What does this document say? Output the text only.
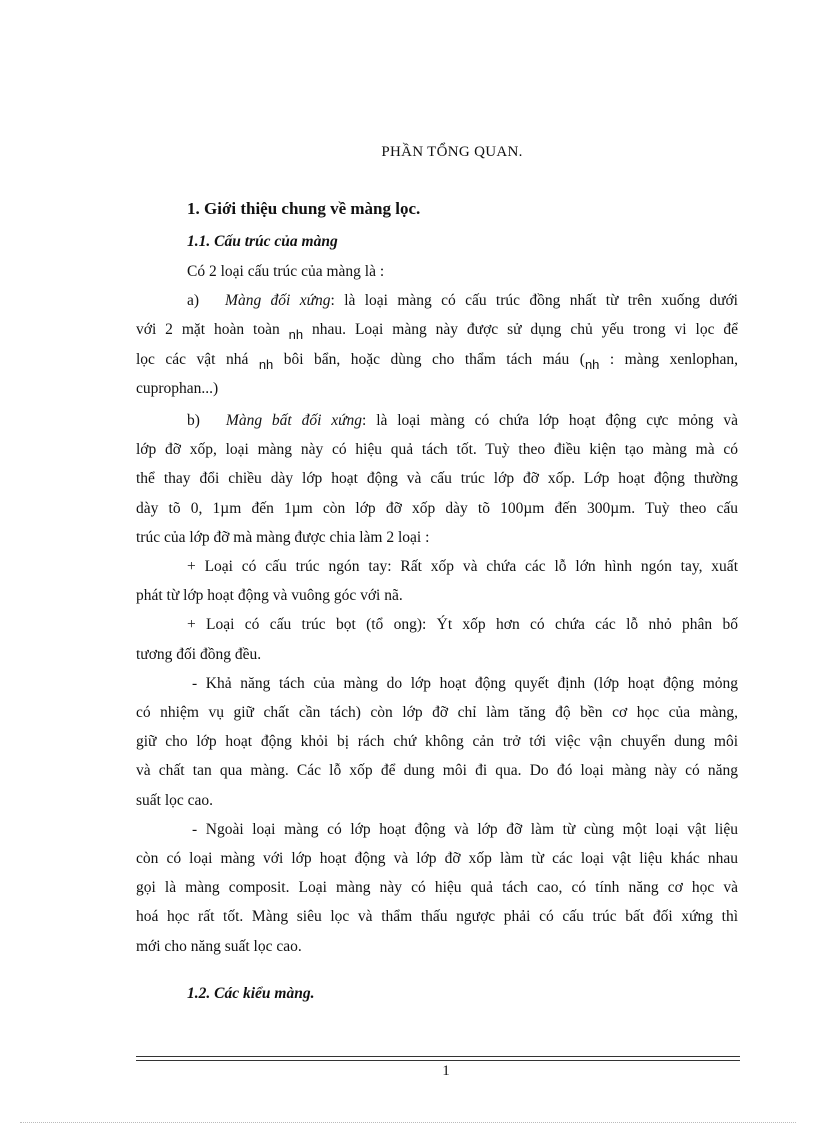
PHẦN TỔNG QUAN.
1. Giới thiệu chung về màng lọc.
1.1. Cấu trúc của màng
Có 2 loại cấu trúc của màng là :
a) Màng đối xứng: là loại màng có cấu trúc đồng nhất từ trên xuống dưới
với 2 mặt hoàn toàn $_{nh}$ nhau. Loại màng này được sử dụng chủ yếu trong vi lọc để
lọc các vật nhá $_{nh}$ bôi bẩn, hoặc dùng cho thẩm tách máu ($_{nh}$ : màng xenlophan,
cuprophan...)
b) Màng bất đối xứng: là loại màng có chứa lớp hoạt động cực mỏng và
lớp đỡ xốp, loại màng này có hiệu quả tách tốt. Tuỳ theo điều kiện tạo màng mà có
thể thay đổi chiều dày lớp hoạt động và cấu trúc lớp đỡ xốp. Lớp hoạt động thường
dày tõ 0, 1µm đến 1µm còn lớp đỡ xốp dày tõ 100µm đến 300µm. Tuỳ theo cấu
trúc của lớp đỡ mà màng được chia làm 2 loại :
+ Loại có cấu trúc ngón tay: Rất xốp và chứa các lỗ lớn hình ngón tay, xuất
phát từ lớp hoạt động và vuông góc với nã.
+ Loại có cấu trúc bọt (tổ ong): Ýt xốp hơn có chứa các lỗ nhỏ phân bố
tương đối đồng đều.
- Khả năng tách của màng do lớp hoạt động quyết định (lớp hoạt động mỏng
có nhiệm vụ giữ chất cần tách) còn lớp đỡ chỉ làm tăng độ bền cơ học của màng,
giữ cho lớp hoạt động khỏi bị rách chứ không cản trở tới việc vận chuyển dung môi
và chất tan qua màng. Các lỗ xốp để dung môi đi qua. Do đó loại màng này có năng
suất lọc cao.
- Ngoài loại màng có lớp hoạt động và lớp đỡ làm từ cùng một loại vật liệu
còn có loại màng với lớp hoạt động và lớp đỡ xốp làm từ các loại vật liệu khác nhau
gọi là màng composit. Loại màng này có hiệu quả tách cao, có tính năng cơ học và
hoá học rất tốt. Màng siêu lọc và thẩm thấu ngược phải có cấu trúc bất đối xứng thì
mới cho năng suất lọc cao.
1.2. Các kiểu màng.
1
